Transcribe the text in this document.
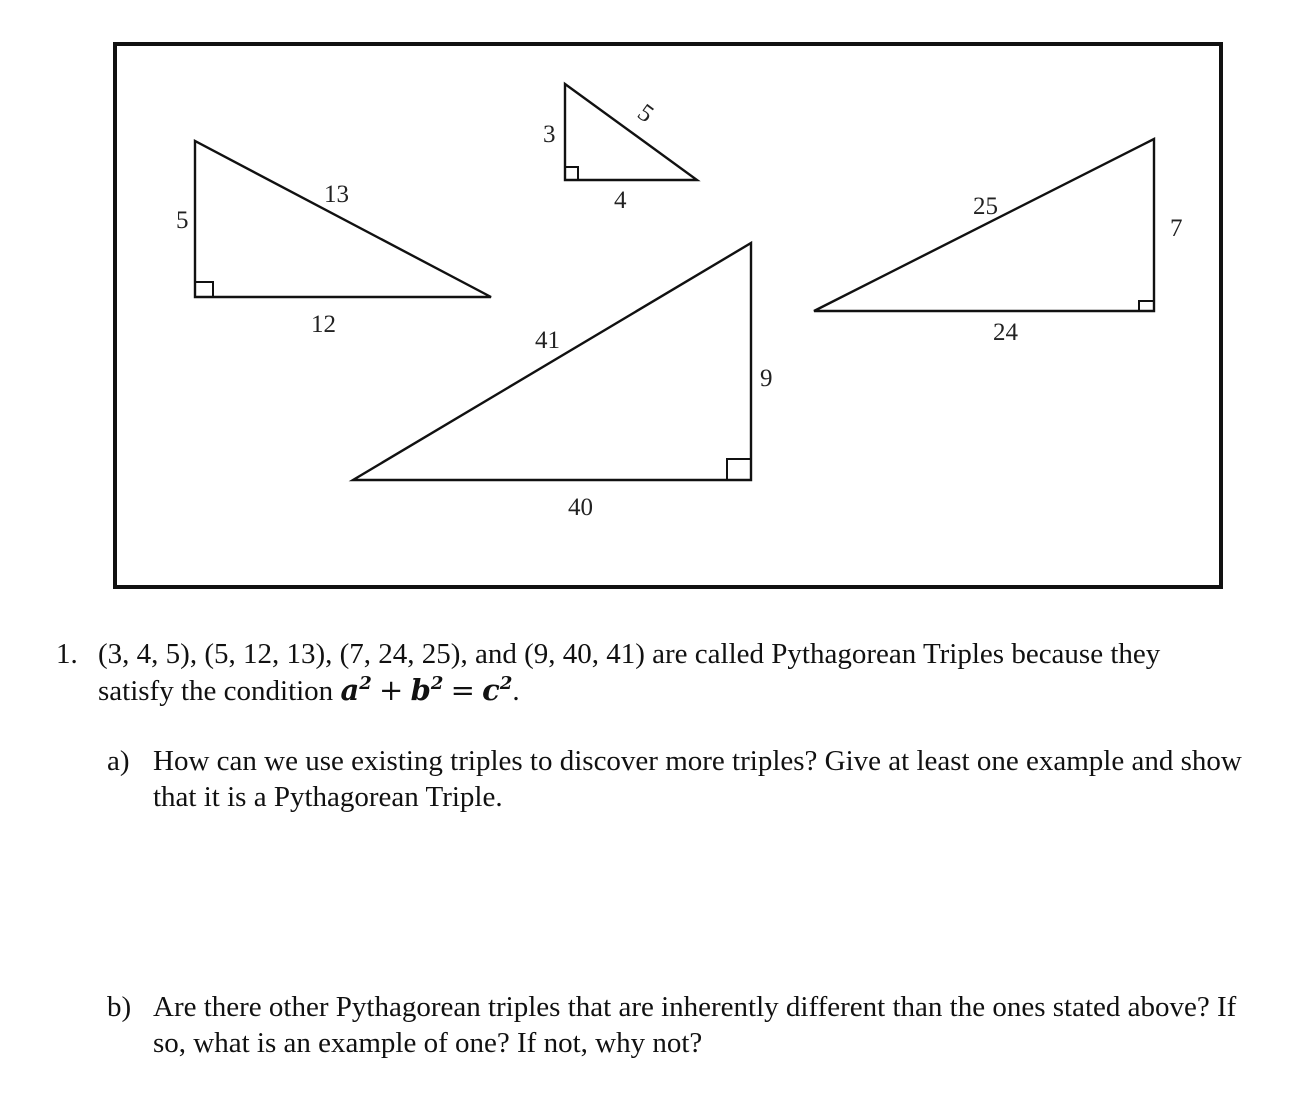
3
4
5
5
12
13
9
40
41
7
24
25
1. (3, 4, 5), (5, 12, 13), (7, 24, 25), and (9, 40, 41) are called Pythagorean Triples because they
satisfy the condition $a^2 + b^2 = c^2$.
a) How can we use existing triples to discover more triples? Give at least one example and show that it is a Pythagorean Triple.
b) Are there other Pythagorean triples that are inherently different than the ones stated above? If so, what is an example of one? If not, why not?
